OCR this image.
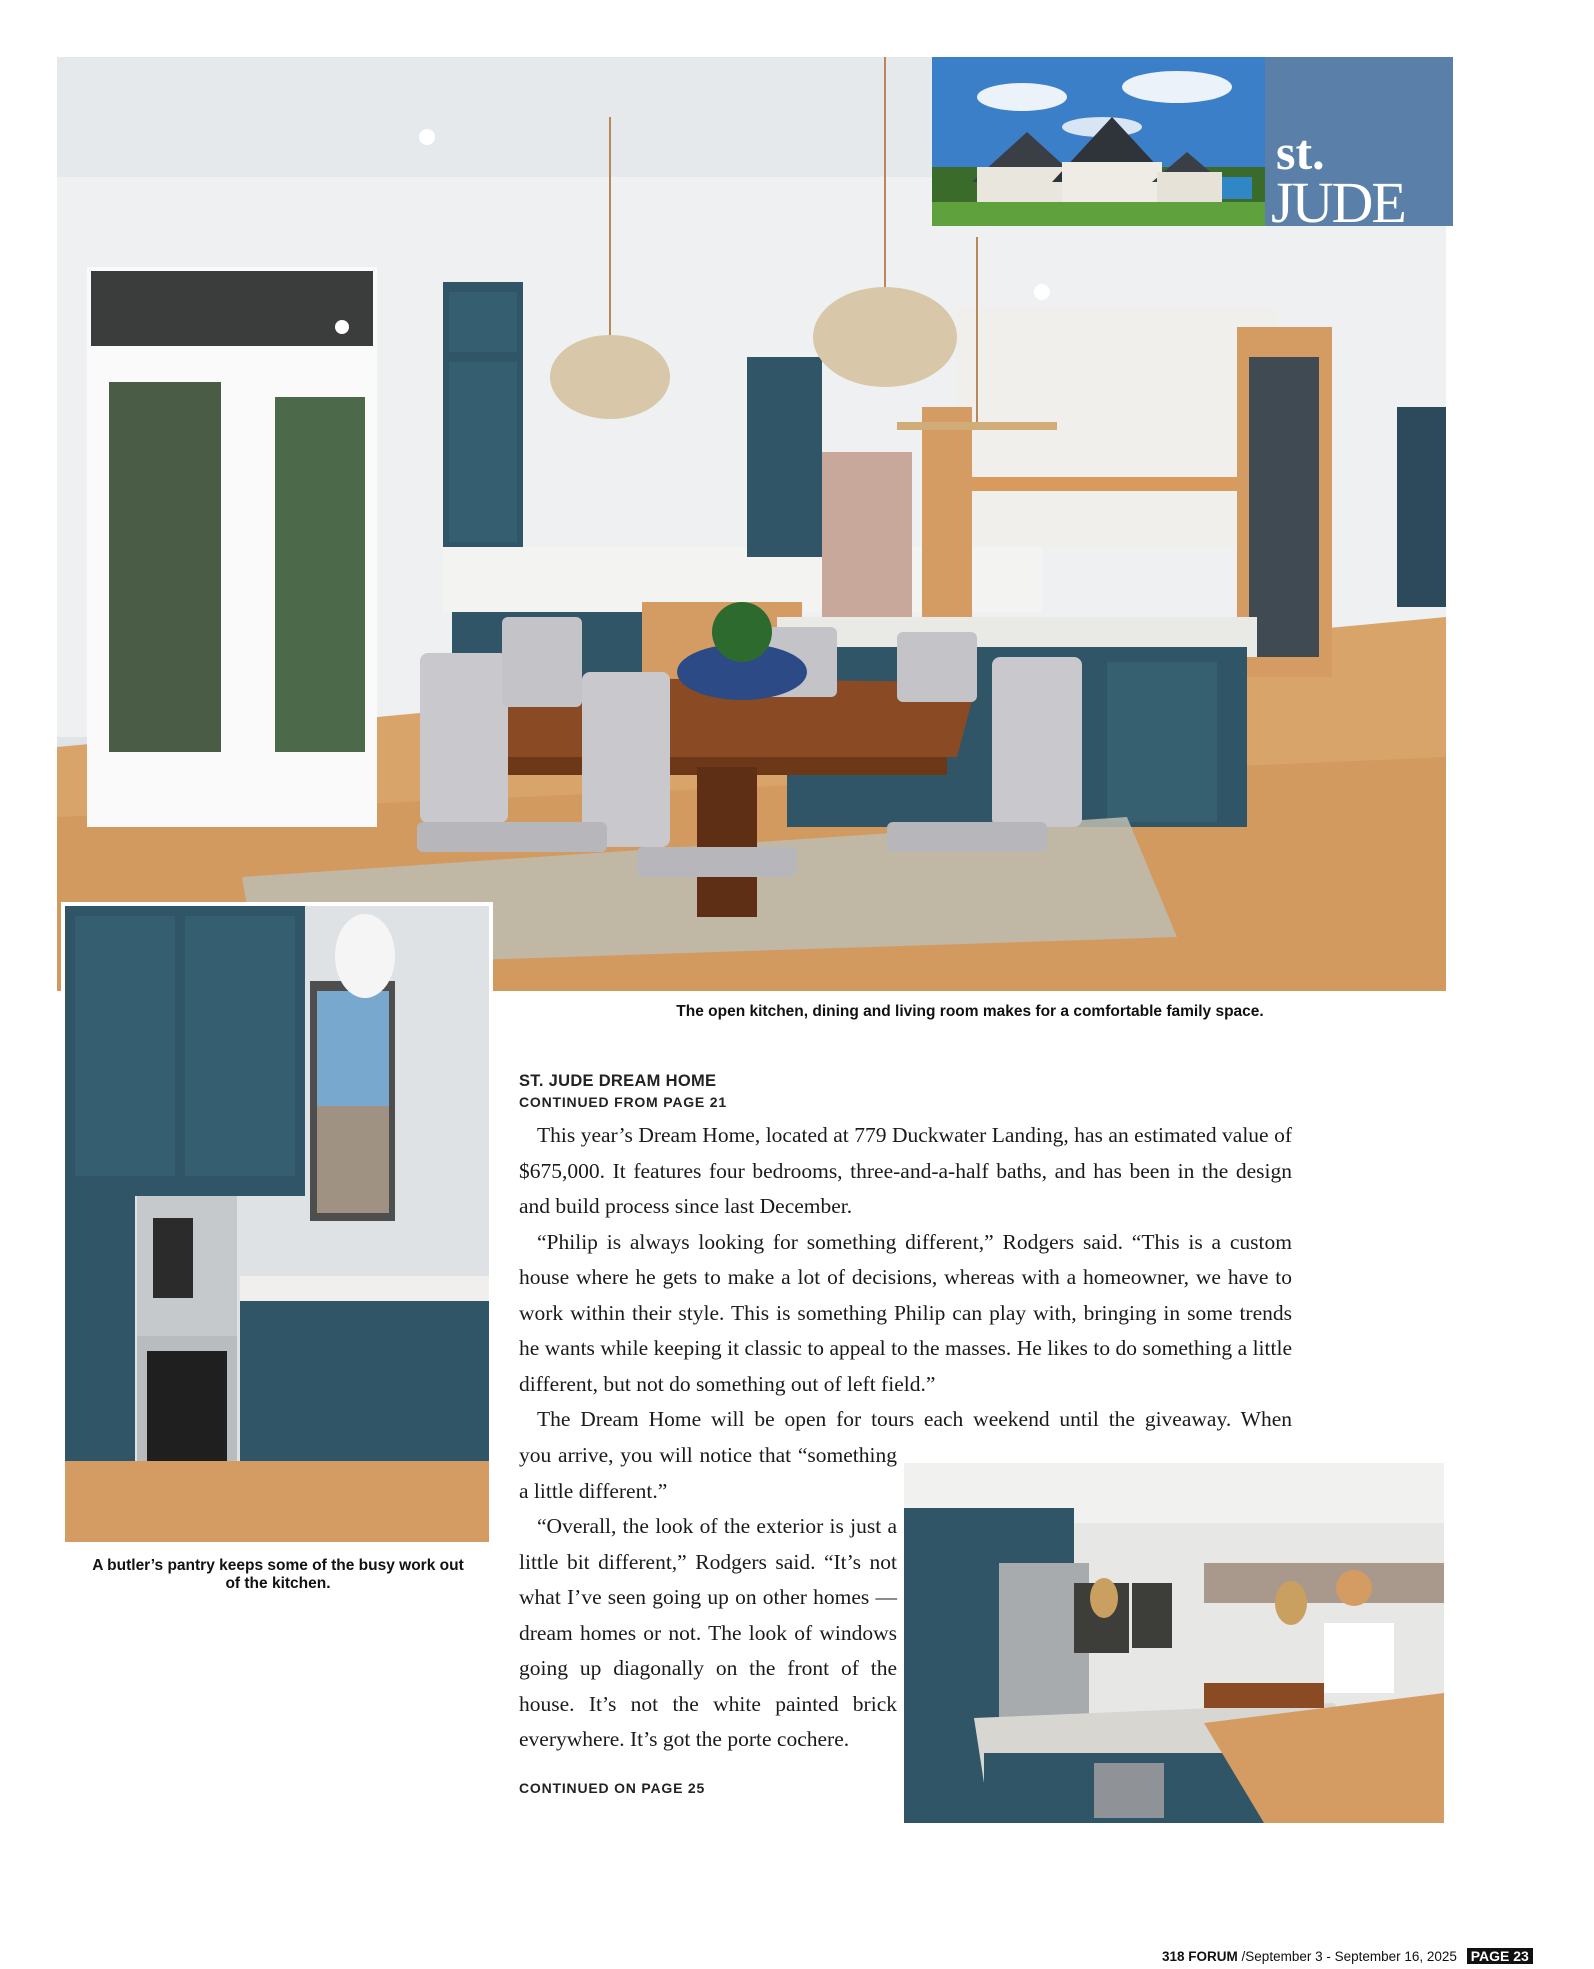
st.
JUDE
The open kitchen, dining and living room makes for a comfortable family space.
A butler’s pantry keeps some of the busy work out of the kitchen.
ST. JUDE DREAM HOME
CONTINUED FROM PAGE 21

This year’s Dream Home, located at 779 Duckwater Landing, has an estimated value of $675,000. It features four bedrooms, three-and-a-half baths, and has been in the design and build process since last December.

“Philip is always looking for something different,” Rodgers said. “This is a custom house where he gets to make a lot of decisions, whereas with a homeowner, we have to work within their style. This is something Philip can play with, bringing in some trends he wants while keeping it classic to appeal to the masses. He likes to do something a little different, but not do something out of left field.”

The Dream Home will be open for tours each weekend until the giveaway. When

you arrive, you will notice that “something a little different.”

“Overall, the look of the exterior is just a little bit different,” Rodgers said. “It’s not what I’ve seen going up on other homes — dream homes or not. The look of windows going up diagonally on the front of the house. It’s not the white painted brick everywhere. It’s got the porte cochere.

CONTINUED ON PAGE 25
318 FORUM /September 3 - September 16, 2025 PAGE 23
